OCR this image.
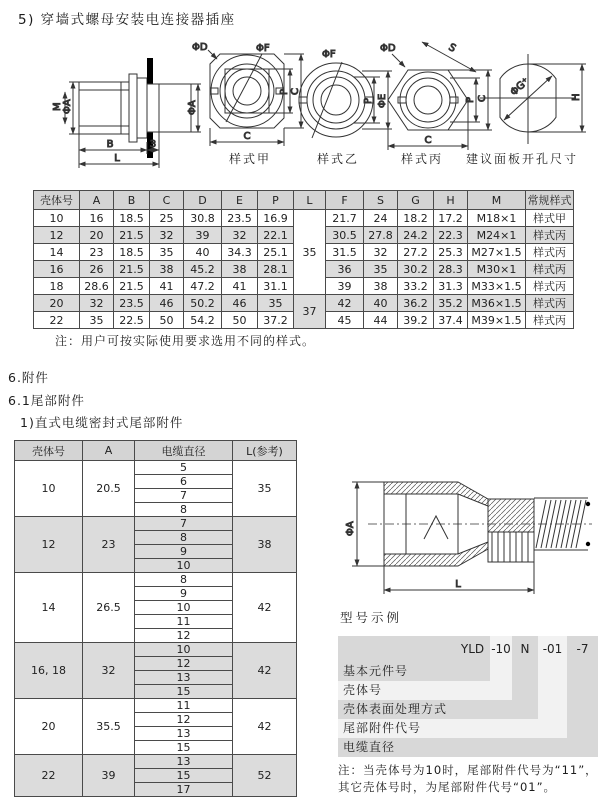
5) 穿墙式螺母安装电连接器插座
M ΦA	ΦA
B	3
L
ΦF
ΦD
P C
C
ΦF
P ΦE
ΦD	S
P C
C
ΦG⁺	H
样式甲	样式乙	样式丙	建议面板开孔尺寸
壳体号	A	B	C	D	E	P	L	F	S	G	H	M	常规样式
10	16	18.5	25	30.8	23.5	16.9	35	21.7	24	18.2	17.2	M18×1	样式甲
12	20	21.5	32	39	32	22.1		30.5	27.8	24.2	22.3	M24×1	样式丙
14	23	18.5	35	40	34.3	25.1		31.5	32	27.2	25.3	M27×1.5	样式丙
16	26	21.5	38	45.2	38	28.1		36	35	30.2	28.3	M30×1	样式丙
18	28.6	21.5	41	47.2	41	31.1		39	38	33.2	31.3	M33×1.5	样式丙
20	32	23.5	46	50.2	46	35	37	42	40	36.2	35.2	M36×1.5	样式丙
22	35	22.5	50	54.2	50	37.2		45	44	39.2	37.4	M39×1.5	样式丙
注：用户可按实际使用要求选用不同的样式。
6.附件
6.1尾部附件
1)直式电缆密封式尾部附件
壳体号	A	电缆直径	L(参考)
10	20.5	5	35
		6	
		7	
		8	
12	23	7	38
		8	
		9	
		10	
14	26.5	8	42
		9	
		10	
		11	
		12	
16, 18	32	10	42
		12	
		13	
		15	
20	35.5	11	42
		12	
		13	
		15	
22	39	13	52
		15	
		17	
ΦA
L
型号示例
YLD -10 N	-01	-7
基本元件号
壳体号
壳体表面处理方式
尾部附件代号
电缆直径
注：当壳体号为10时，尾部附件代号为“11”，
其它壳体号时，为尾部附件代号“01”。
